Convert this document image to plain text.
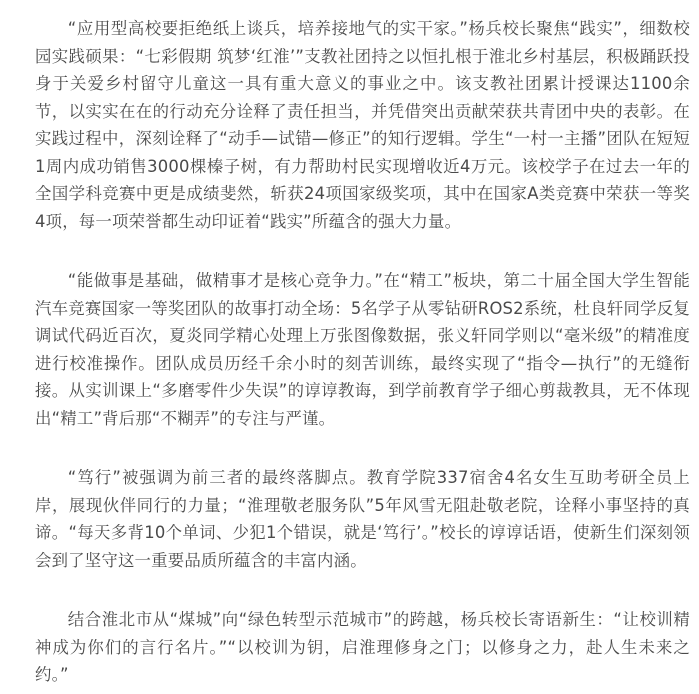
“应用型高校要拒绝纸上谈兵，培养接地气的实干家。”杨兵校长聚焦“践实”，细数校园实践硕果：“七彩假期 筑梦‘红淮’”支教社团持之以恒扎根于淮北乡村基层，积极踊跃投身于关爱乡村留守儿童这一具有重大意义的事业之中。该支教社团累计授课达1100余节，以实实在在的行动充分诠释了责任担当，并凭借突出贡献荣获共青团中央的表彰。在实践过程中，深刻诠释了“动手—试错—修正”的知行逻辑。学生“一村一主播”团队在短短1周内成功销售3000棵榛子树，有力帮助村民实现增收近4万元。该校学子在过去一年的全国学科竞赛中更是成绩斐然，斩获24项国家级奖项，其中在国家A类竞赛中荣获一等奖4项，每一项荣誉都生动印证着“践实”所蕴含的强大力量。

“能做事是基础，做精事才是核心竞争力。”在“精工”板块，第二十届全国大学生智能汽车竞赛国家一等奖团队的故事打动全场：5名学子从零钻研ROS2系统，杜良轩同学反复调试代码近百次，夏炎同学精心处理上万张图像数据，张义轩同学则以“毫米级”的精准度进行校准操作。团队成员历经千余小时的刻苦训练，最终实现了“指令—执行”的无缝衔接。从实训课上“多磨零件少失误”的谆谆教诲，到学前教育学子细心剪裁教具，无不体现出“精工”背后那“不糊弄”的专注与严谨。

“笃行”被强调为前三者的最终落脚点。教育学院337宿舍4名女生互助考研全员上岸，展现伙伴同行的力量；“淮理敬老服务队”5年风雪无阻赴敬老院，诠释小事坚持的真谛。“每天多背10个单词、少犯1个错误，就是‘笃行’。”校长的谆谆话语，使新生们深刻领会到了坚守这一重要品质所蕴含的丰富内涵。

结合淮北市从“煤城”向“绿色转型示范城市”的跨越，杨兵校长寄语新生：“让校训精神成为你们的言行名片。”“以校训为钥，启淮理修身之门；以修身之力，赴人生未来之约。”
